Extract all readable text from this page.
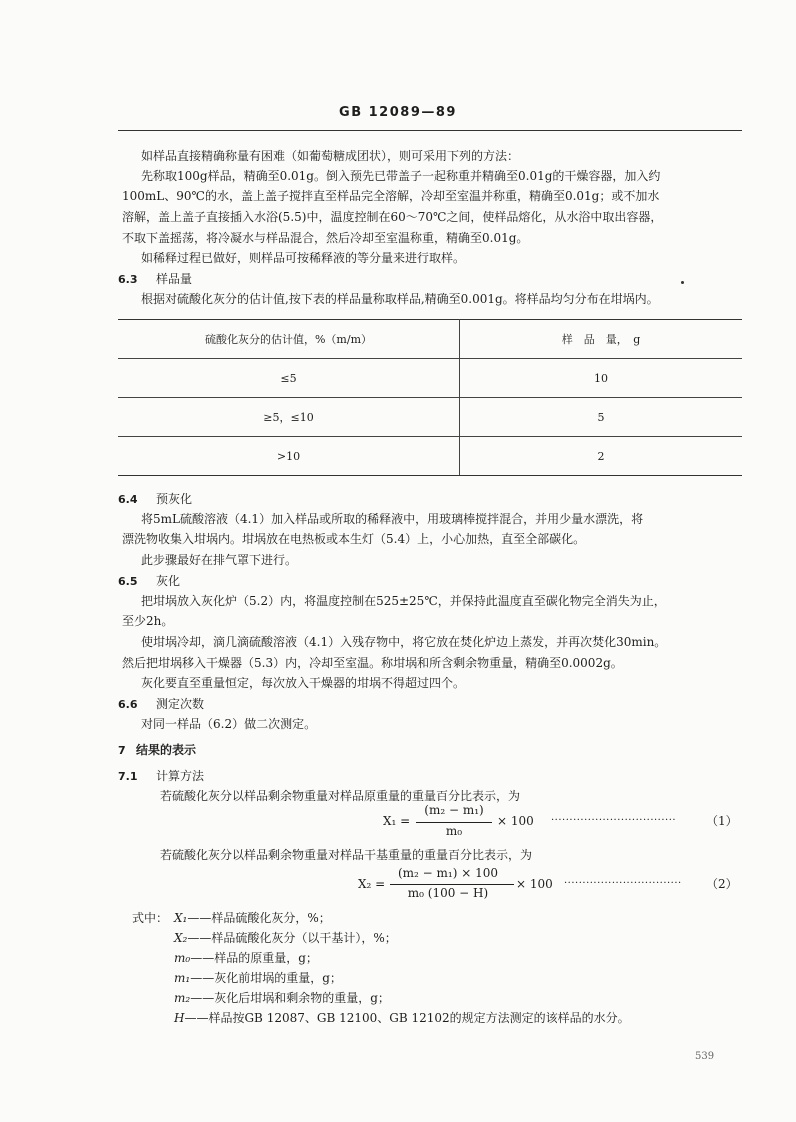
GB 12089—89
如样品直接精确称量有困难（如葡萄糖成团状），则可采用下列的方法：
先称取100g样品，精确至0.01g。倒入预先已带盖子一起称重并精确至0.01g的干燥容器，加入约
100mL、90℃的水，盖上盖子搅拌直至样品完全溶解，冷却至室温并称重，精确至0.01g；或不加水
溶解，盖上盖子直接插入水浴(5.5)中，温度控制在60～70℃之间，使样品熔化，从水浴中取出容器，
不取下盖摇荡，将冷凝水与样品混合，然后冷却至室温称重，精确至0.01g。
如稀释过程已做好，则样品可按稀释液的等分量来进行取样。
6.3 样品量
根据对硫酸化灰分的估计值,按下表的样品量称取样品,精确至0.001g。将样品均匀分布在坩埚内。
硫酸化灰分的估计值，%（m/m）	样　品　量，　g
≤5	10
≥5，≤10	5
>10	2
6.4 预灰化
将5mL硫酸溶液（4.1）加入样品或所取的稀释液中，用玻璃棒搅拌混合，并用少量水漂洗，将
漂洗物收集入坩埚内。坩埚放在电热板或本生灯（5.4）上，小心加热，直至全部碳化。
此步骤最好在排气罩下进行。
6.5 灰化
把坩埚放入灰化炉（5.2）内，将温度控制在525±25℃，并保持此温度直至碳化物完全消失为止，
至少2h。
使坩埚冷却，滴几滴硫酸溶液（4.1）入残存物中，将它放在焚化炉边上蒸发，并再次焚化30min。
然后把坩埚移入干燥器（5.3）内，冷却至室温。称坩埚和所含剩余物重量，精确至0.0002g。
灰化要直至重量恒定，每次放入干燥器的坩埚不得超过四个。
6.6 测定次数
对同一样品（6.2）做二次测定。
7 结果的表示
7.1 计算方法
若硫酸化灰分以样品剩余物重量对样品原重量的重量百分比表示，为
X₁ =
(m₂ − m₁)
m₀
× 100 ·································· （1）
若硫酸化灰分以样品剩余物重量对样品干基重量的重量百分比表示，为
X₂ =
(m₂ − m₁) × 100
m₀ (100 − H)
× 100 ································ （2）
式中： X₁——样品硫酸化灰分，%；
X₂——样品硫酸化灰分（以干基计），%；
m₀——样品的原重量，g；
m₁——灰化前坩埚的重量，g；
m₂——灰化后坩埚和剩余物的重量，g；
H——样品按GB 12087、GB 12100、GB 12102的规定方法测定的该样品的水分。
539
